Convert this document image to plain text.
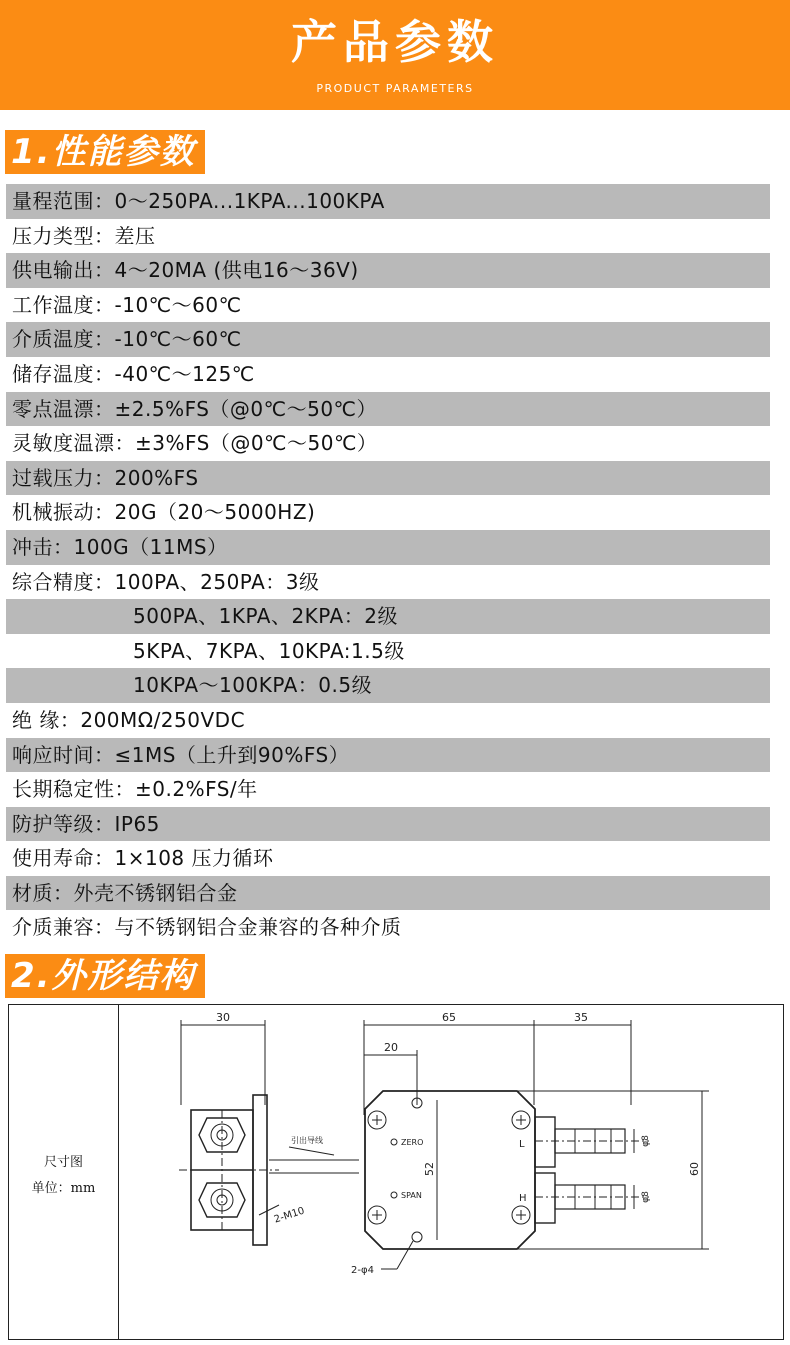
产品参数
PRODUCT PARAMETERS
1.性能参数
量程范围：0～250PA...1KPA...100KPA
压力类型：差压
供电输出：4～20MA (供电16～36V)
工作温度：-10℃～60℃
介质温度：-10℃～60℃
储存温度：-40℃～125℃
零点温漂：±2.5%FS（@0℃～50℃）
灵敏度温漂：±3%FS（@0℃～50℃）
过载压力：200%FS
机械振动：20G（20～5000HZ)
冲击：100G（11MS）
综合精度：100PA、250PA：3级
500PA、1KPA、2KPA：2级
5KPA、7KPA、10KPA:1.5级
10KPA～100KPA：0.5级
绝 缘：200MΩ/250VDC
响应时间：≤1MS（上升到90%FS）
长期稳定性：±0.2%FS/年
防护等级：IP65
使用寿命：1×108 压力循环
材质：外壳不锈钢铝合金
介质兼容：与不锈钢铝合金兼容的各种介质
2.外形结构
尺寸图
单位：mm
30	65	35
20
52	60
φ8
φ8
引出导线	ZERO
SPAN
L
H
2-M10
2-φ4
